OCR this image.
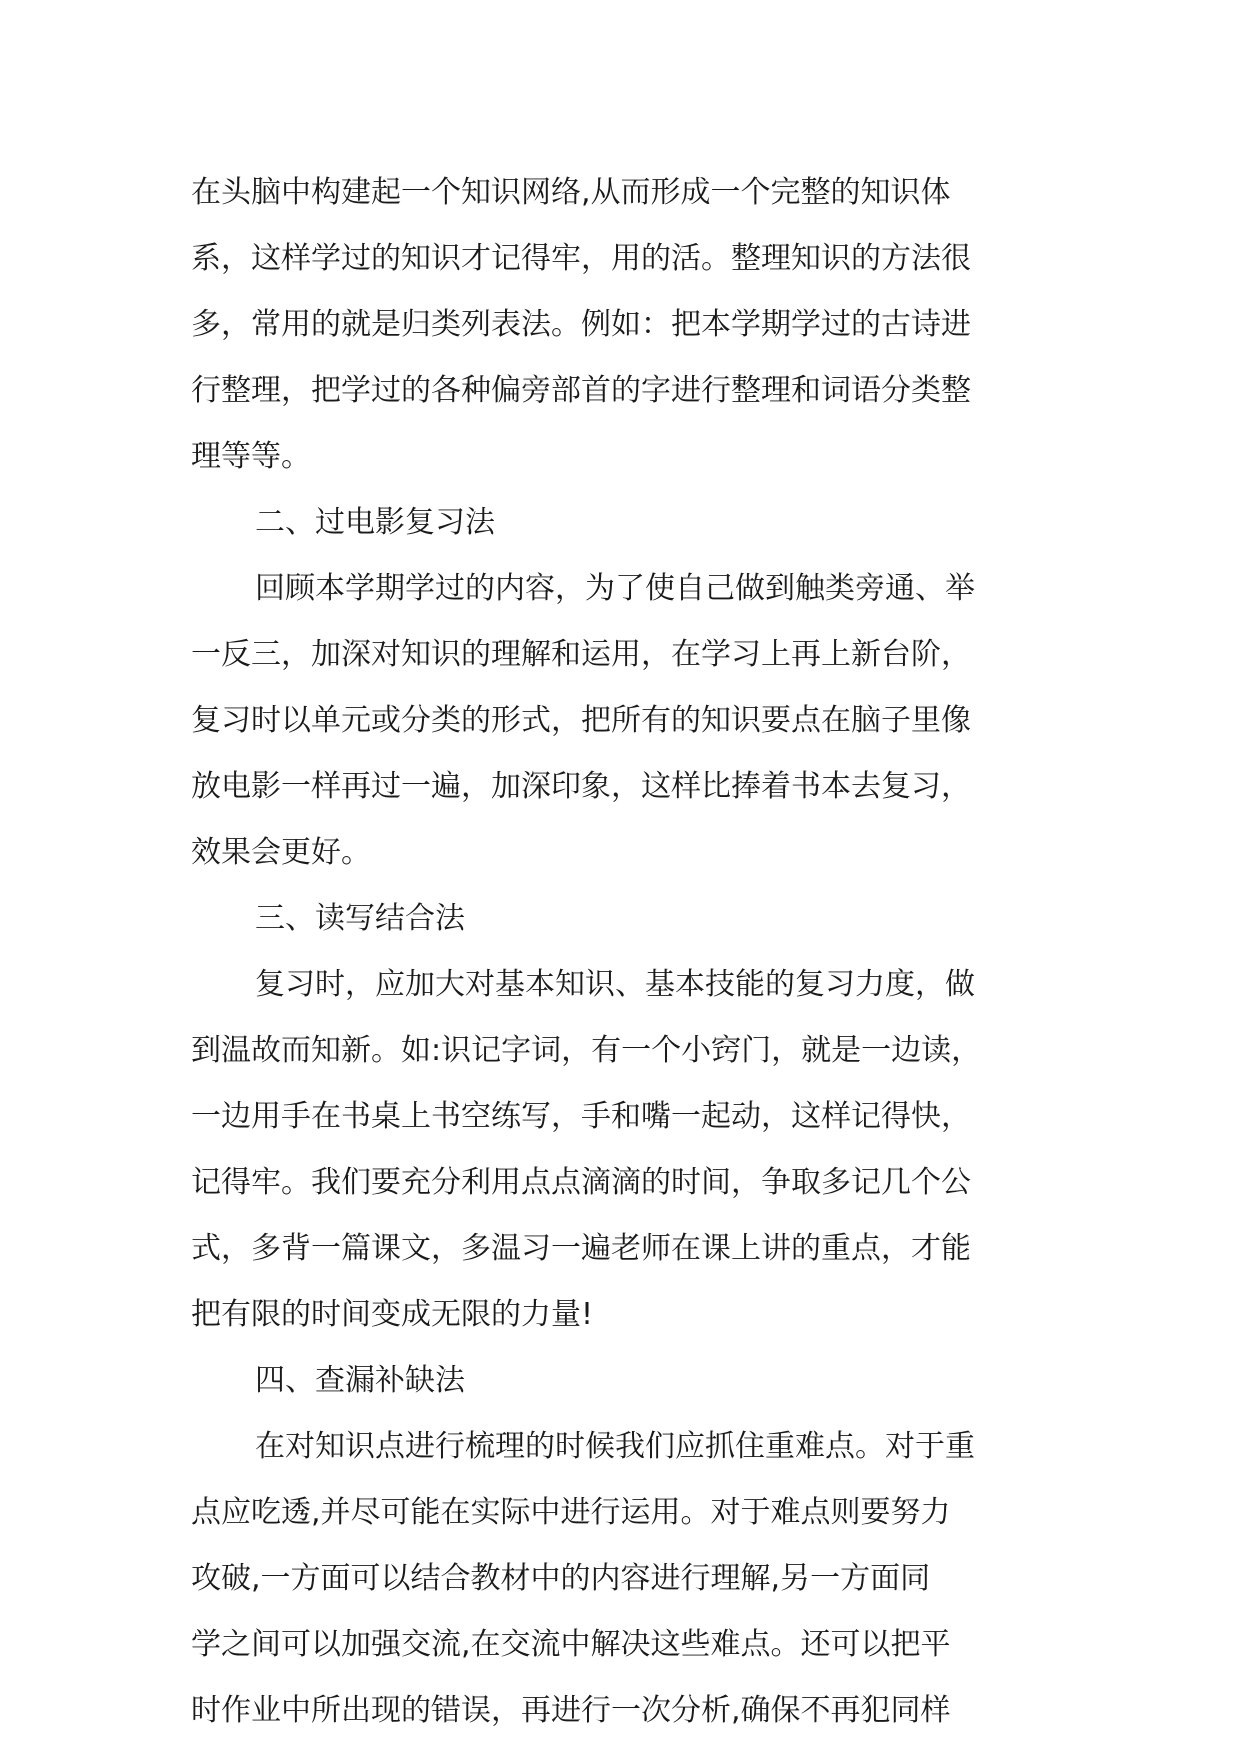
在头脑中构建起一个知识网络,从而形成一个完整的知识体
系，这样学过的知识才记得牢，用的活。整理知识的方法很
多，常用的就是归类列表法。例如：把本学期学过的古诗进
行整理，把学过的各种偏旁部首的字进行整理和词语分类整
理等等。
二、过电影复习法
回顾本学期学过的内容，为了使自己做到触类旁通、举
一反三，加深对知识的理解和运用，在学习上再上新台阶，
复习时以单元或分类的形式，把所有的知识要点在脑子里像
放电影一样再过一遍，加深印象，这样比捧着书本去复习，
效果会更好。
三、读写结合法
复习时，应加大对基本知识、基本技能的复习力度，做
到温故而知新。如:识记字词，有一个小窍门，就是一边读，
一边用手在书桌上书空练写，手和嘴一起动，这样记得快，
记得牢。我们要充分利用点点滴滴的时间，争取多记几个公
式，多背一篇课文，多温习一遍老师在课上讲的重点，才能
把有限的时间变成无限的力量!
四、查漏补缺法
在对知识点进行梳理的时候我们应抓住重难点。对于重
点应吃透,并尽可能在实际中进行运用。对于难点则要努力
攻破,一方面可以结合教材中的内容进行理解,另一方面同
学之间可以加强交流,在交流中解决这些难点。还可以把平
时作业中所出现的错误，再进行一次分析,确保不再犯同样
